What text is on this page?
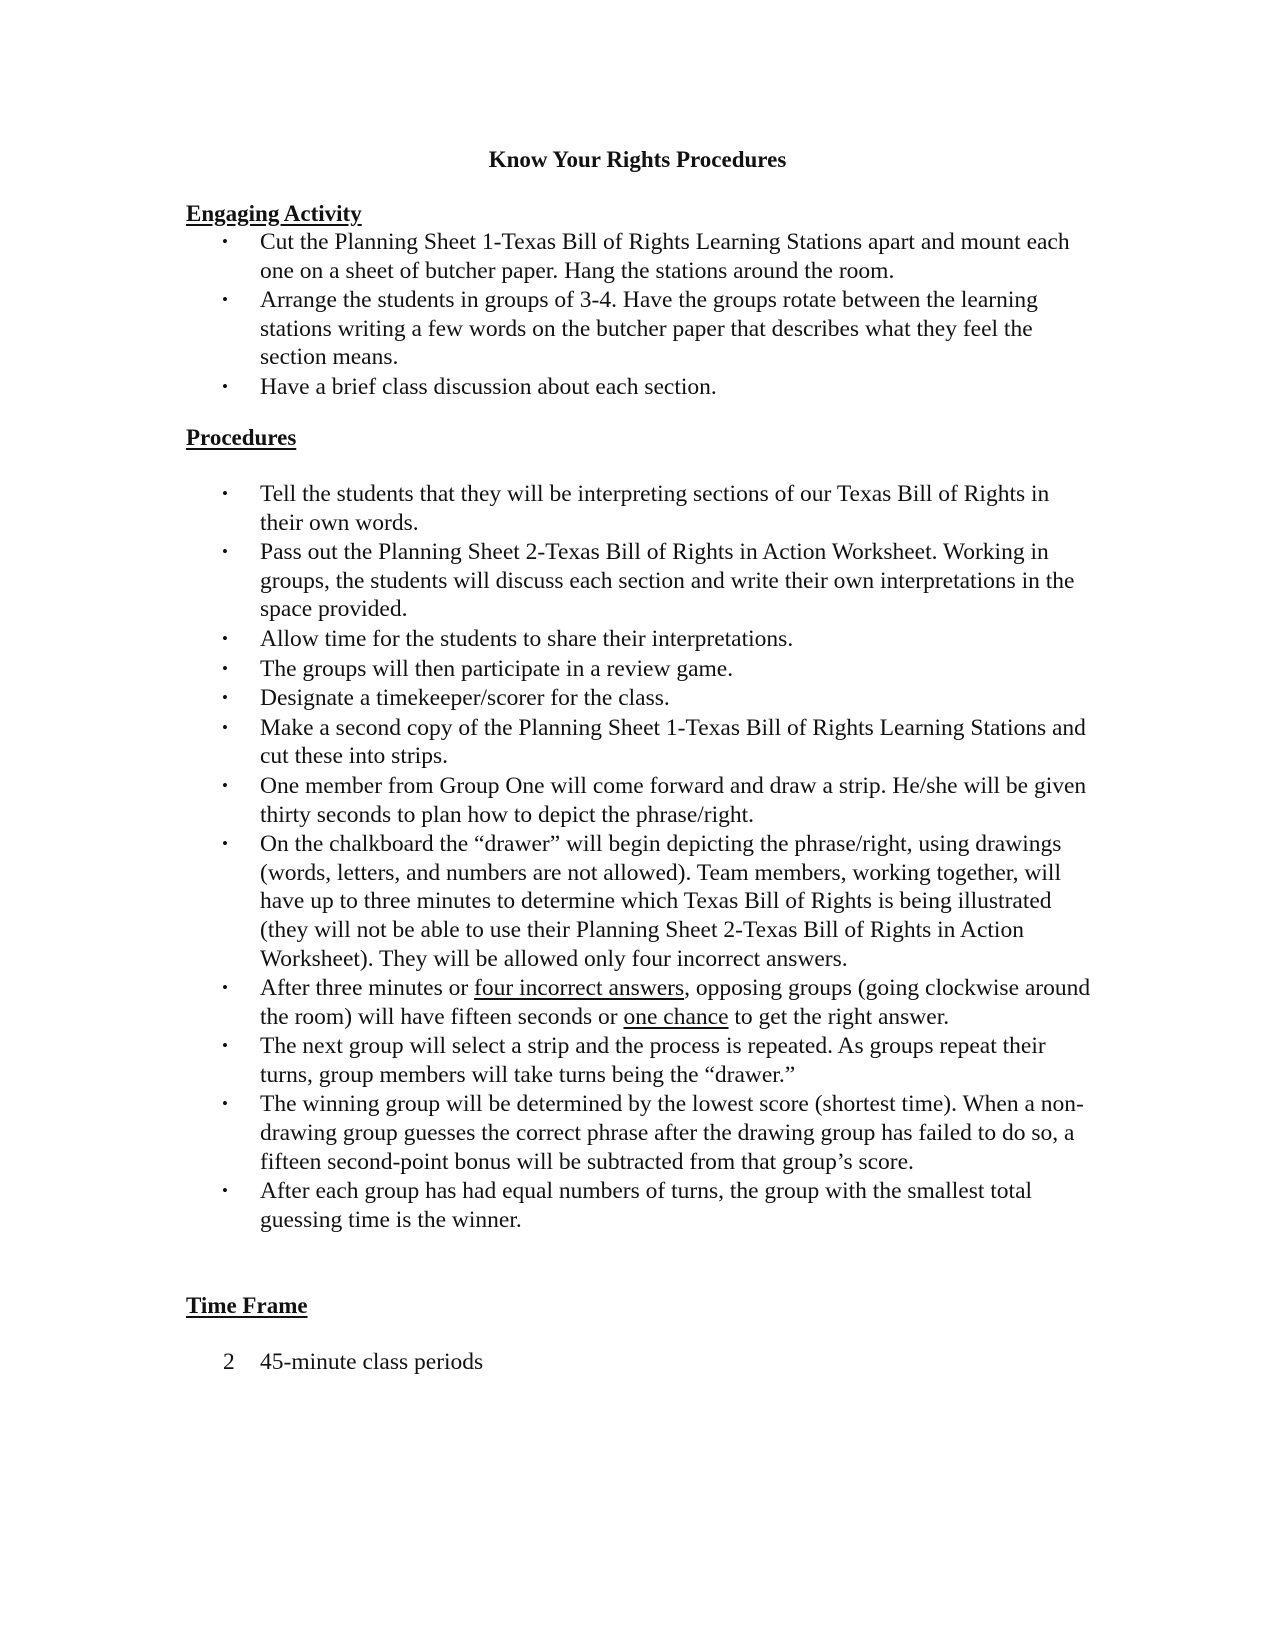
Know Your Rights Procedures
Engaging Activity
• Cut the Planning Sheet 1-Texas Bill of Rights Learning Stations apart and mount each one on a sheet of butcher paper. Hang the stations around the room.
• Arrange the students in groups of 3-4. Have the groups rotate between the learning stations writing a few words on the butcher paper that describes what they feel the section means.
• Have a brief class discussion about each section.
Procedures
• Tell the students that they will be interpreting sections of our Texas Bill of Rights in their own words.
• Pass out the Planning Sheet 2-Texas Bill of Rights in Action Worksheet. Working in groups, the students will discuss each section and write their own interpretations in the space provided.
• Allow time for the students to share their interpretations.
• The groups will then participate in a review game.
• Designate a timekeeper/scorer for the class.
• Make a second copy of the Planning Sheet 1-Texas Bill of Rights Learning Stations and cut these into strips.
• One member from Group One will come forward and draw a strip. He/she will be given thirty seconds to plan how to depict the phrase/right.
• On the chalkboard the “drawer” will begin depicting the phrase/right, using drawings (words, letters, and numbers are not allowed). Team members, working together, will have up to three minutes to determine which Texas Bill of Rights is being illustrated (they will not be able to use their Planning Sheet 2-Texas Bill of Rights in Action Worksheet). They will be allowed only four incorrect answers.
• After three minutes or four incorrect answers, opposing groups (going clockwise around the room) will have fifteen seconds or one chance to get the right answer.
• The next group will select a strip and the process is repeated. As groups repeat their turns, group members will take turns being the “drawer.”
• The winning group will be determined by the lowest score (shortest time). When a non-drawing group guesses the correct phrase after the drawing group has failed to do so, a fifteen second-point bonus will be subtracted from that group’s score.
• After each group has had equal numbers of turns, the group with the smallest total guessing time is the winner.
Time Frame

2 45-minute class periods
